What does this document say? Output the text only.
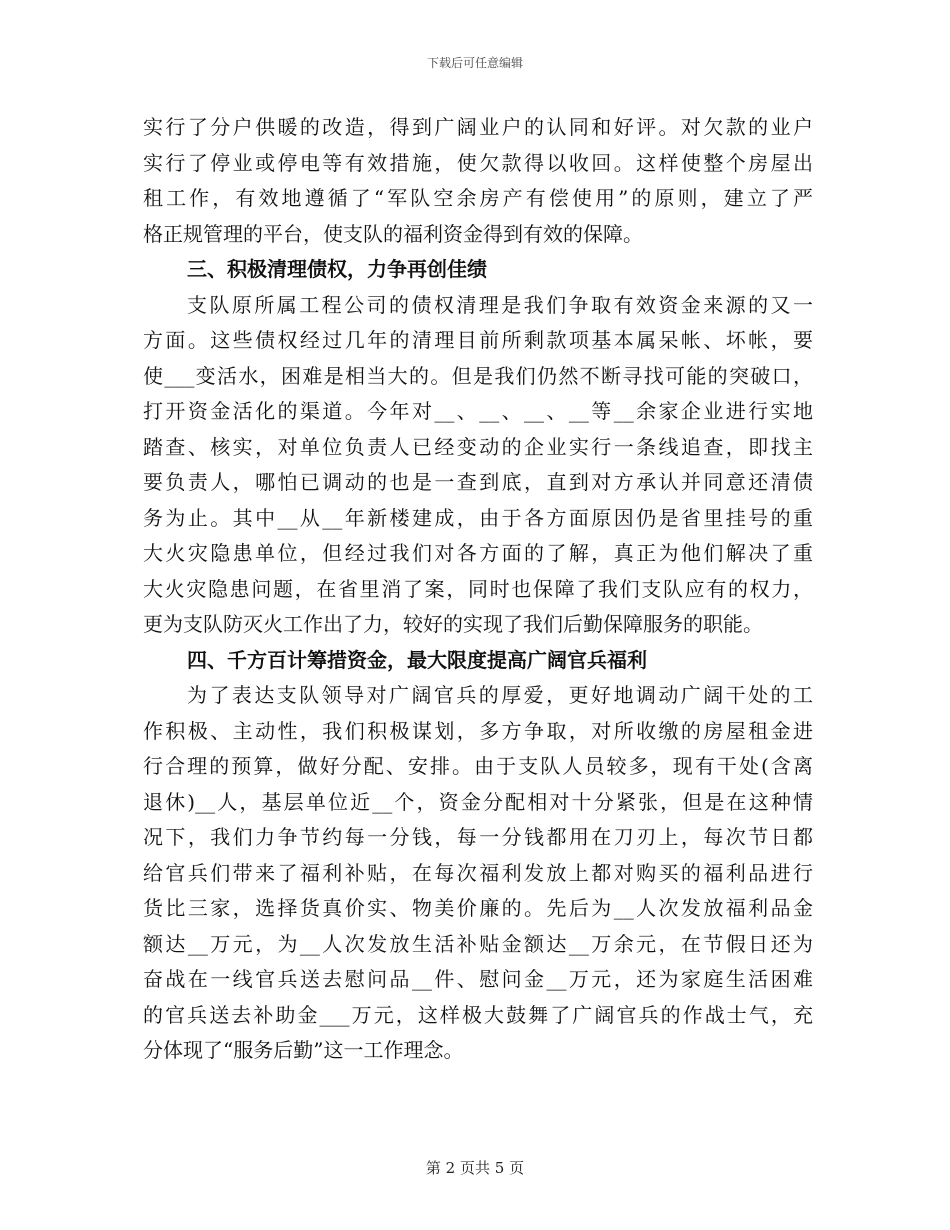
下载后可任意编辑
实行了分户供暖的改造，得到广阔业户的认同和好评。对欠款的业户
实行了停业或停电等有效措施，使欠款得以收回。这样使整个房屋出
租工作，有效地遵循了“军队空余房产有偿使用”的原则，建立了严
格正规管理的平台，使支队的福利资金得到有效的保障。
三、积极清理债权，力争再创佳绩
支队原所属工程公司的债权清理是我们争取有效资金来源的又一
方面。这些债权经过几年的清理目前所剩款项基本属呆帐、坏帐，要
使___变活水，困难是相当大的。但是我们仍然不断寻找可能的突破口，
打开资金活化的渠道。今年对__、__、__、__等__余家企业进行实地
踏查、核实，对单位负责人已经变动的企业实行一条线追查，即找主
要负责人，哪怕已调动的也是一查到底，直到对方承认并同意还清债
务为止。其中__从__年新楼建成，由于各方面原因仍是省里挂号的重
大火灾隐患单位，但经过我们对各方面的了解，真正为他们解决了重
大火灾隐患问题，在省里消了案，同时也保障了我们支队应有的权力，
更为支队防灭火工作出了力，较好的实现了我们后勤保障服务的职能。
四、千方百计筹措资金，最大限度提高广阔官兵福利
为了表达支队领导对广阔官兵的厚爱，更好地调动广阔干处的工
作积极、主动性，我们积极谋划，多方争取，对所收缴的房屋租金进
行合理的预算，做好分配、安排。由于支队人员较多，现有干处(含离
退休)__人，基层单位近__个，资金分配相对十分紧张，但是在这种情
况下，我们力争节约每一分钱，每一分钱都用在刀刃上，每次节日都
给官兵们带来了福利补贴，在每次福利发放上都对购买的福利品进行
货比三家，选择货真价实、物美价廉的。先后为__人次发放福利品金
额达__万元，为__人次发放生活补贴金额达__万余元，在节假日还为
奋战在一线官兵送去慰问品__件、慰问金__万元，还为家庭生活困难
的官兵送去补助金___万元，这样极大鼓舞了广阔官兵的作战士气，充
分体现了“服务后勤”这一工作理念。
第 2 页共 5 页
